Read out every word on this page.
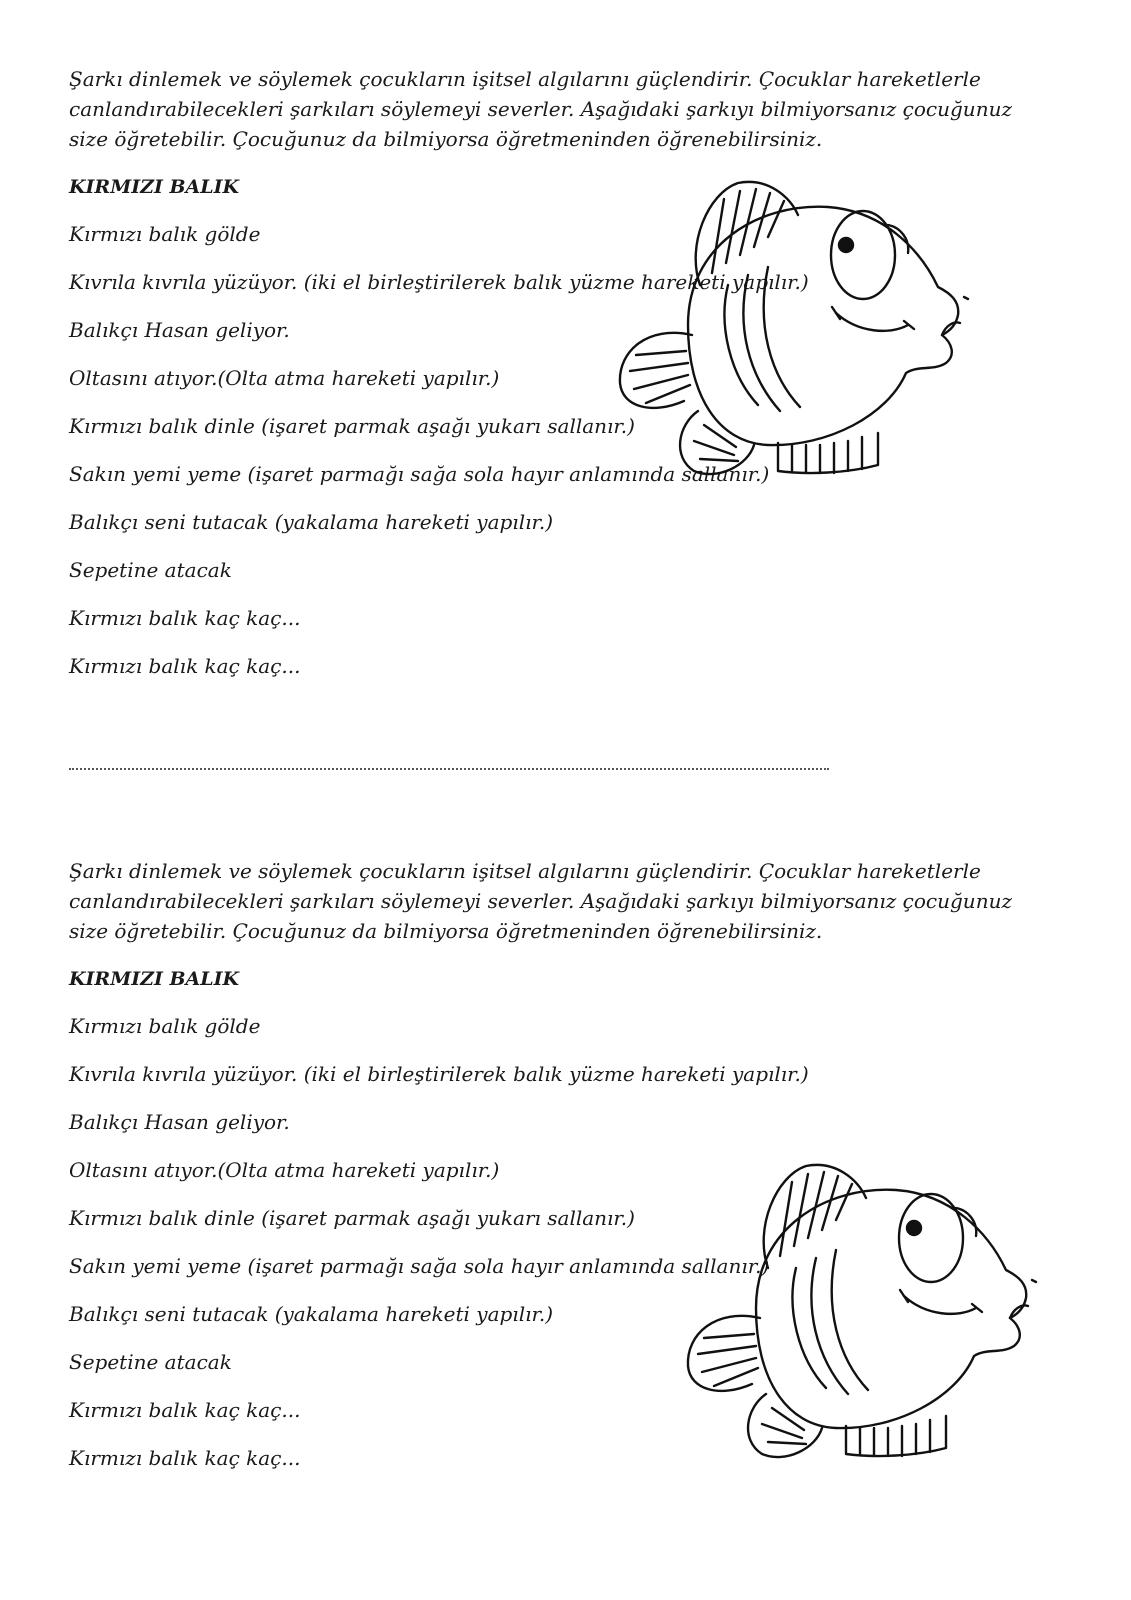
Şarkı dinlemek ve söylemek çocukların işitsel algılarını güçlendirir. Çocuklar hareketlerle canlandırabilecekleri şarkıları söylemeyi severler. Aşağıdaki şarkıyı bilmiyorsanız çocuğunuz size öğretebilir. Çocuğunuz da bilmiyorsa öğretmeninden öğrenebilirsiniz.

KIRMIZI BALIK

Kırmızı balık gölde

Kıvrıla kıvrıla yüzüyor. (iki el birleştirilerek balık yüzme hareketi yapılır.)

Balıkçı Hasan geliyor.

Oltasını atıyor.(Olta atma hareketi yapılır.)

Kırmızı balık dinle (işaret parmak aşağı yukarı sallanır.)

Sakın yemi yeme (işaret parmağı sağa sola hayır anlamında sallanır.)

Balıkçı seni tutacak (yakalama hareketi yapılır.)

Sepetine atacak

Kırmızı balık kaç kaç...

Kırmızı balık kaç kaç...

Şarkı dinlemek ve söylemek çocukların işitsel algılarını güçlendirir. Çocuklar hareketlerle canlandırabilecekleri şarkıları söylemeyi severler. Aşağıdaki şarkıyı bilmiyorsanız çocuğunuz size öğretebilir. Çocuğunuz da bilmiyorsa öğretmeninden öğrenebilirsiniz.

KIRMIZI BALIK

Kırmızı balık gölde

Kıvrıla kıvrıla yüzüyor. (iki el birleştirilerek balık yüzme hareketi yapılır.)

Balıkçı Hasan geliyor.

Oltasını atıyor.(Olta atma hareketi yapılır.)

Kırmızı balık dinle (işaret parmak aşağı yukarı sallanır.)

Sakın yemi yeme (işaret parmağı sağa sola hayır anlamında sallanır.)

Balıkçı seni tutacak (yakalama hareketi yapılır.)

Sepetine atacak

Kırmızı balık kaç kaç...

Kırmızı balık kaç kaç...
